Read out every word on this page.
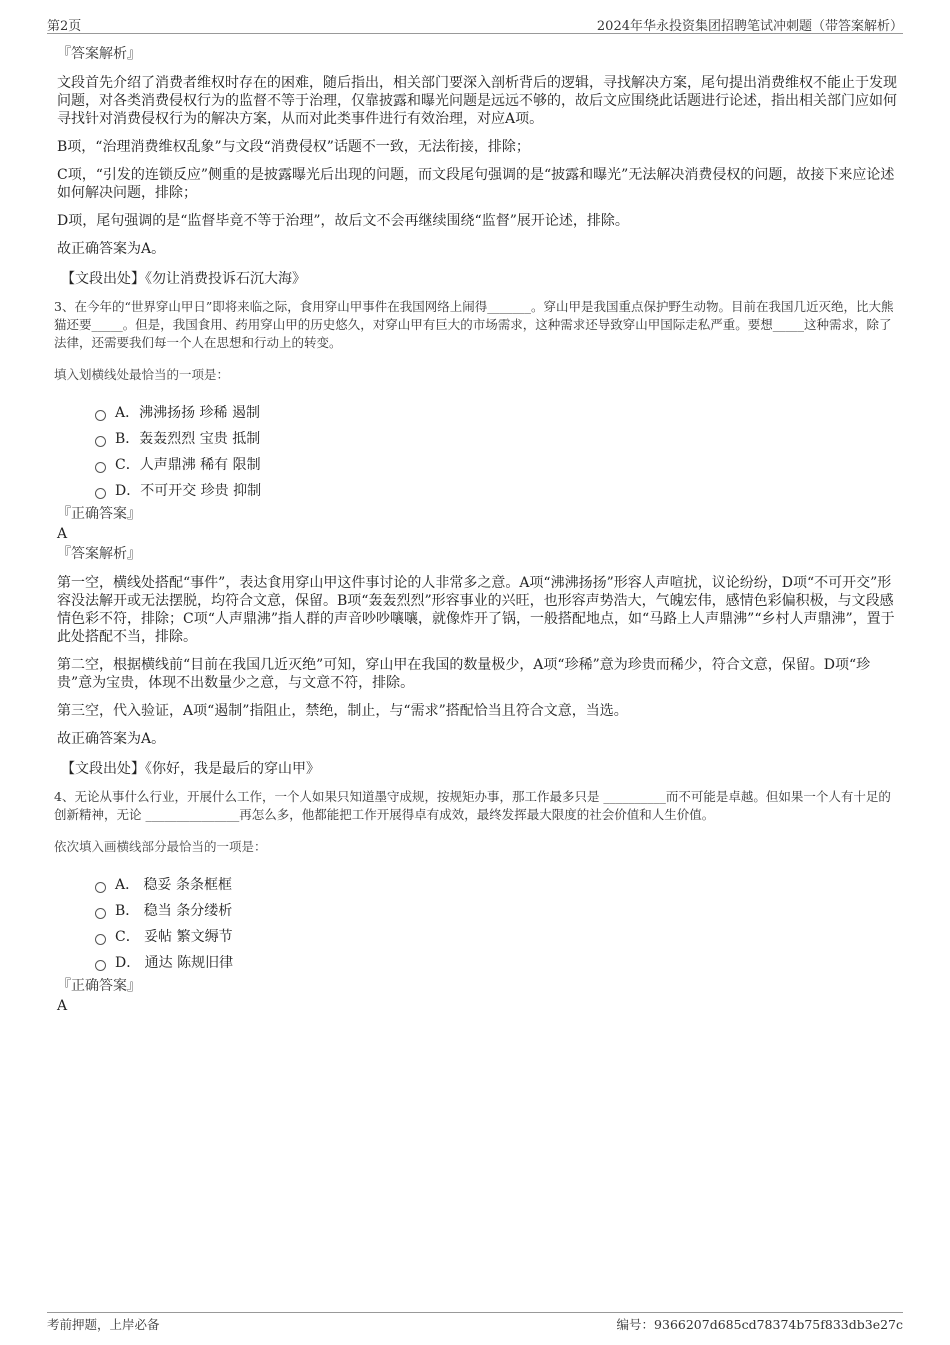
第2页	2024年华永投资集团招聘笔试冲刺题（带答案解析）
『答案解析』

文段首先介绍了消费者维权时存在的困难，随后指出，相关部门要深入剖析背后的逻辑，寻找解决方案，尾句提出消费维权不能止于发现问题，对各类消费侵权行为的监督不等于治理，仅靠披露和曝光问题是远远不够的，故后文应围绕此话题进行论述，指出相关部门应如何寻找针对消费侵权行为的解决方案，从而对此类事件进行有效治理，对应A项。

B项，“治理消费维权乱象”与文段“消费侵权”话题不一致，无法衔接，排除；

C项，“引发的连锁反应”侧重的是披露曝光后出现的问题，而文段尾句强调的是“披露和曝光”无法解决消费侵权的问题，故接下来应论述如何解决问题，排除；

D项，尾句强调的是“监督毕竟不等于治理”，故后文不会再继续围绕“监督”展开论述，排除。

故正确答案为A。

【文段出处】《勿让消费投诉石沉大海》

3、在今年的“世界穿山甲日”即将来临之际，食用穿山甲事件在我国网络上闹得_______。穿山甲是我国重点保护野生动物。目前在我国几近灭绝，比大熊猫还要_____。但是，我国食用、药用穿山甲的历史悠久，对穿山甲有巨大的市场需求，这种需求还导致穿山甲国际走私严重。要想_____这种需求，除了法律，还需要我们每一个人在思想和行动上的转变。

填入划横线处最恰当的一项是：

A．沸沸扬扬 珍稀 遏制
B．轰轰烈烈 宝贵 抵制
C．人声鼎沸 稀有 限制
D．不可开交 珍贵 抑制
『正确答案』
A
『答案解析』

第一空，横线处搭配“事件”，表达食用穿山甲这件事讨论的人非常多之意。A项“沸沸扬扬”形容人声喧扰，议论纷纷，D项“不可开交”形容没法解开或无法摆脱，均符合文意，保留。B项“轰轰烈烈”形容事业的兴旺，也形容声势浩大，气魄宏伟，感情色彩偏积极，与文段感情色彩不符，排除；C项“人声鼎沸”指人群的声音吵吵嚷嚷，就像炸开了锅，一般搭配地点，如“马路上人声鼎沸”“乡村人声鼎沸”，置于此处搭配不当，排除。

第二空，根据横线前“目前在我国几近灭绝”可知，穿山甲在我国的数量极少，A项“珍稀”意为珍贵而稀少，符合文意，保留。D项“珍贵”意为宝贵，体现不出数量少之意，与文意不符，排除。

第三空，代入验证，A项“遏制”指阻止，禁绝，制止，与“需求”搭配恰当且符合文意，当选。

故正确答案为A。

【文段出处】《你好，我是最后的穿山甲》

4、无论从事什么行业，开展什么工作，一个人如果只知道墨守成规，按规矩办事，那工作最多只是 __________而不可能是卓越。但如果一个人有十足的创新精神，无论 _______________再怎么多，他都能把工作开展得卓有成效，最终发挥最大限度的社会价值和人生价值。

依次填入画横线部分最恰当的一项是：

A． 稳妥 条条框框
B． 稳当 条分缕析
C． 妥帖 繁文缛节
D． 通达 陈规旧律
『正确答案』
A
考前押题，上岸必备	编号：9366207d685cd78374b75f833db3e27c
